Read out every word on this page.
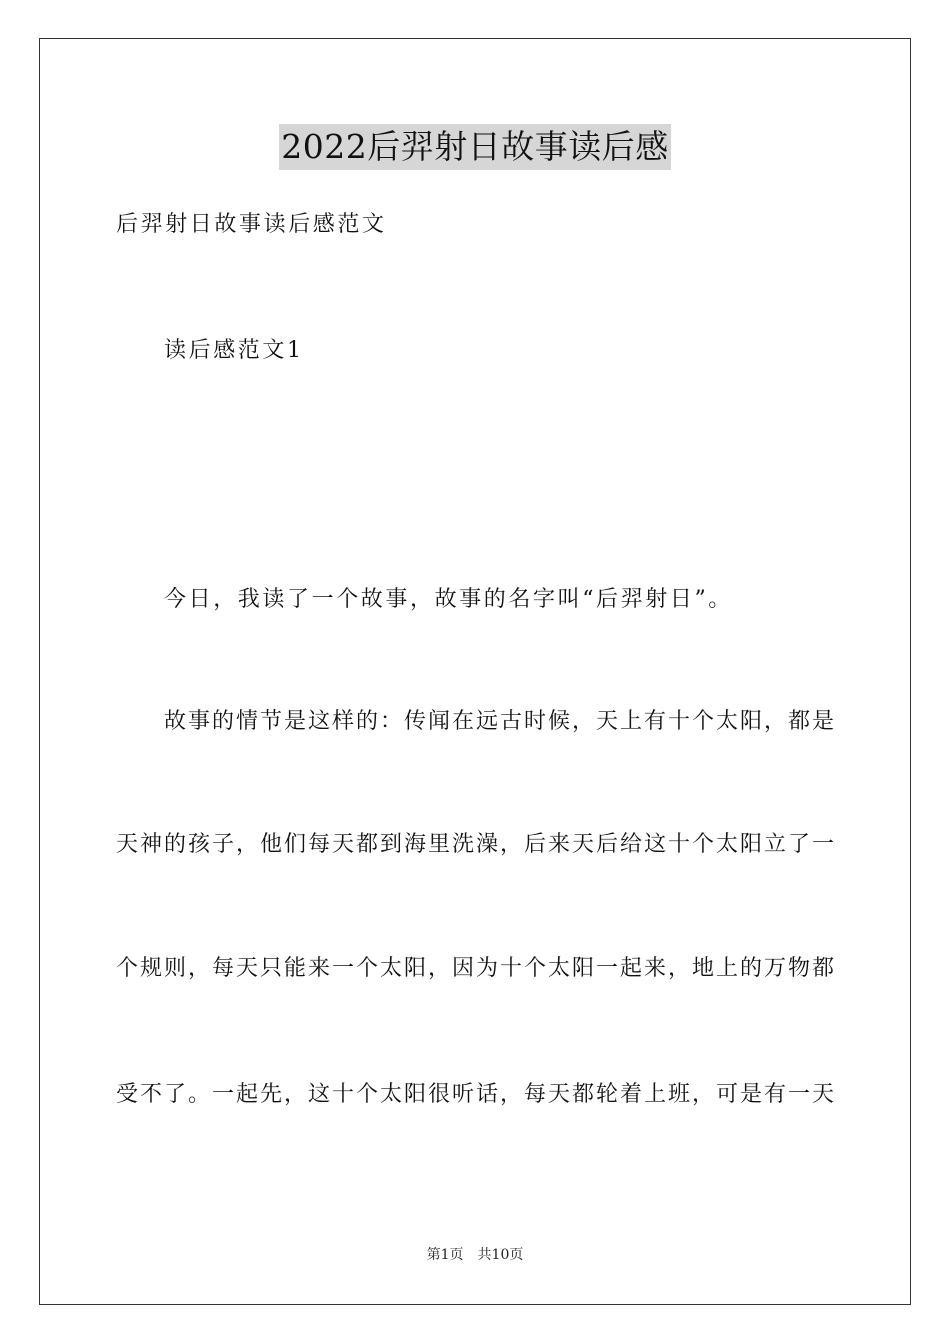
2022后羿射日故事读后感
后羿射日故事读后感范文
读后感范文1
今日，我读了一个故事，故事的名字叫“后羿射日”。
故事的情节是这样的：传闻在远古时候，天上有十个太阳，都是
天神的孩子，他们每天都到海里洗澡，后来天后给这十个太阳立了一
个规则，每天只能来一个太阳，因为十个太阳一起来，地上的万物都
受不了。一起先，这十个太阳很听话，每天都轮着上班，可是有一天
第1页　共10页
